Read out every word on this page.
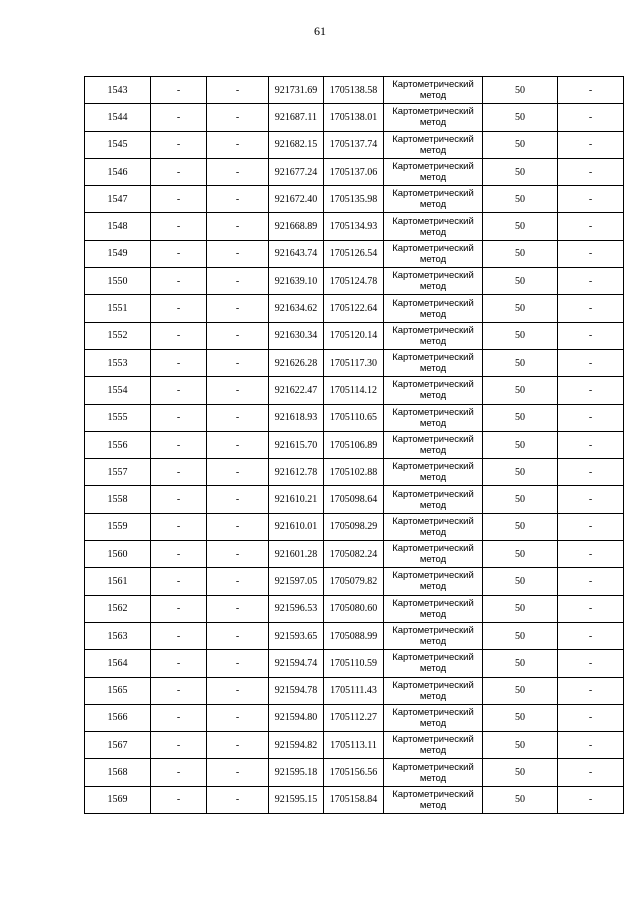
61
1543	-	-	921731.69	1705138.58	Картометрический метод	50	-
1544	-	-	921687.11	1705138.01	Картометрический метод	50	-
1545	-	-	921682.15	1705137.74	Картометрический метод	50	-
1546	-	-	921677.24	1705137.06	Картометрический метод	50	-
1547	-	-	921672.40	1705135.98	Картометрический метод	50	-
1548	-	-	921668.89	1705134.93	Картометрический метод	50	-
1549	-	-	921643.74	1705126.54	Картометрический метод	50	-
1550	-	-	921639.10	1705124.78	Картометрический метод	50	-
1551	-	-	921634.62	1705122.64	Картометрический метод	50	-
1552	-	-	921630.34	1705120.14	Картометрический метод	50	-
1553	-	-	921626.28	1705117.30	Картометрический метод	50	-
1554	-	-	921622.47	1705114.12	Картометрический метод	50	-
1555	-	-	921618.93	1705110.65	Картометрический метод	50	-
1556	-	-	921615.70	1705106.89	Картометрический метод	50	-
1557	-	-	921612.78	1705102.88	Картометрический метод	50	-
1558	-	-	921610.21	1705098.64	Картометрический метод	50	-
1559	-	-	921610.01	1705098.29	Картометрический метод	50	-
1560	-	-	921601.28	1705082.24	Картометрический метод	50	-
1561	-	-	921597.05	1705079.82	Картометрический метод	50	-
1562	-	-	921596.53	1705080.60	Картометрический метод	50	-
1563	-	-	921593.65	1705088.99	Картометрический метод	50	-
1564	-	-	921594.74	1705110.59	Картометрический метод	50	-
1565	-	-	921594.78	1705111.43	Картометрический метод	50	-
1566	-	-	921594.80	1705112.27	Картометрический метод	50	-
1567	-	-	921594.82	1705113.11	Картометрический метод	50	-
1568	-	-	921595.18	1705156.56	Картометрический метод	50	-
1569	-	-	921595.15	1705158.84	Картометрический метод	50	-
